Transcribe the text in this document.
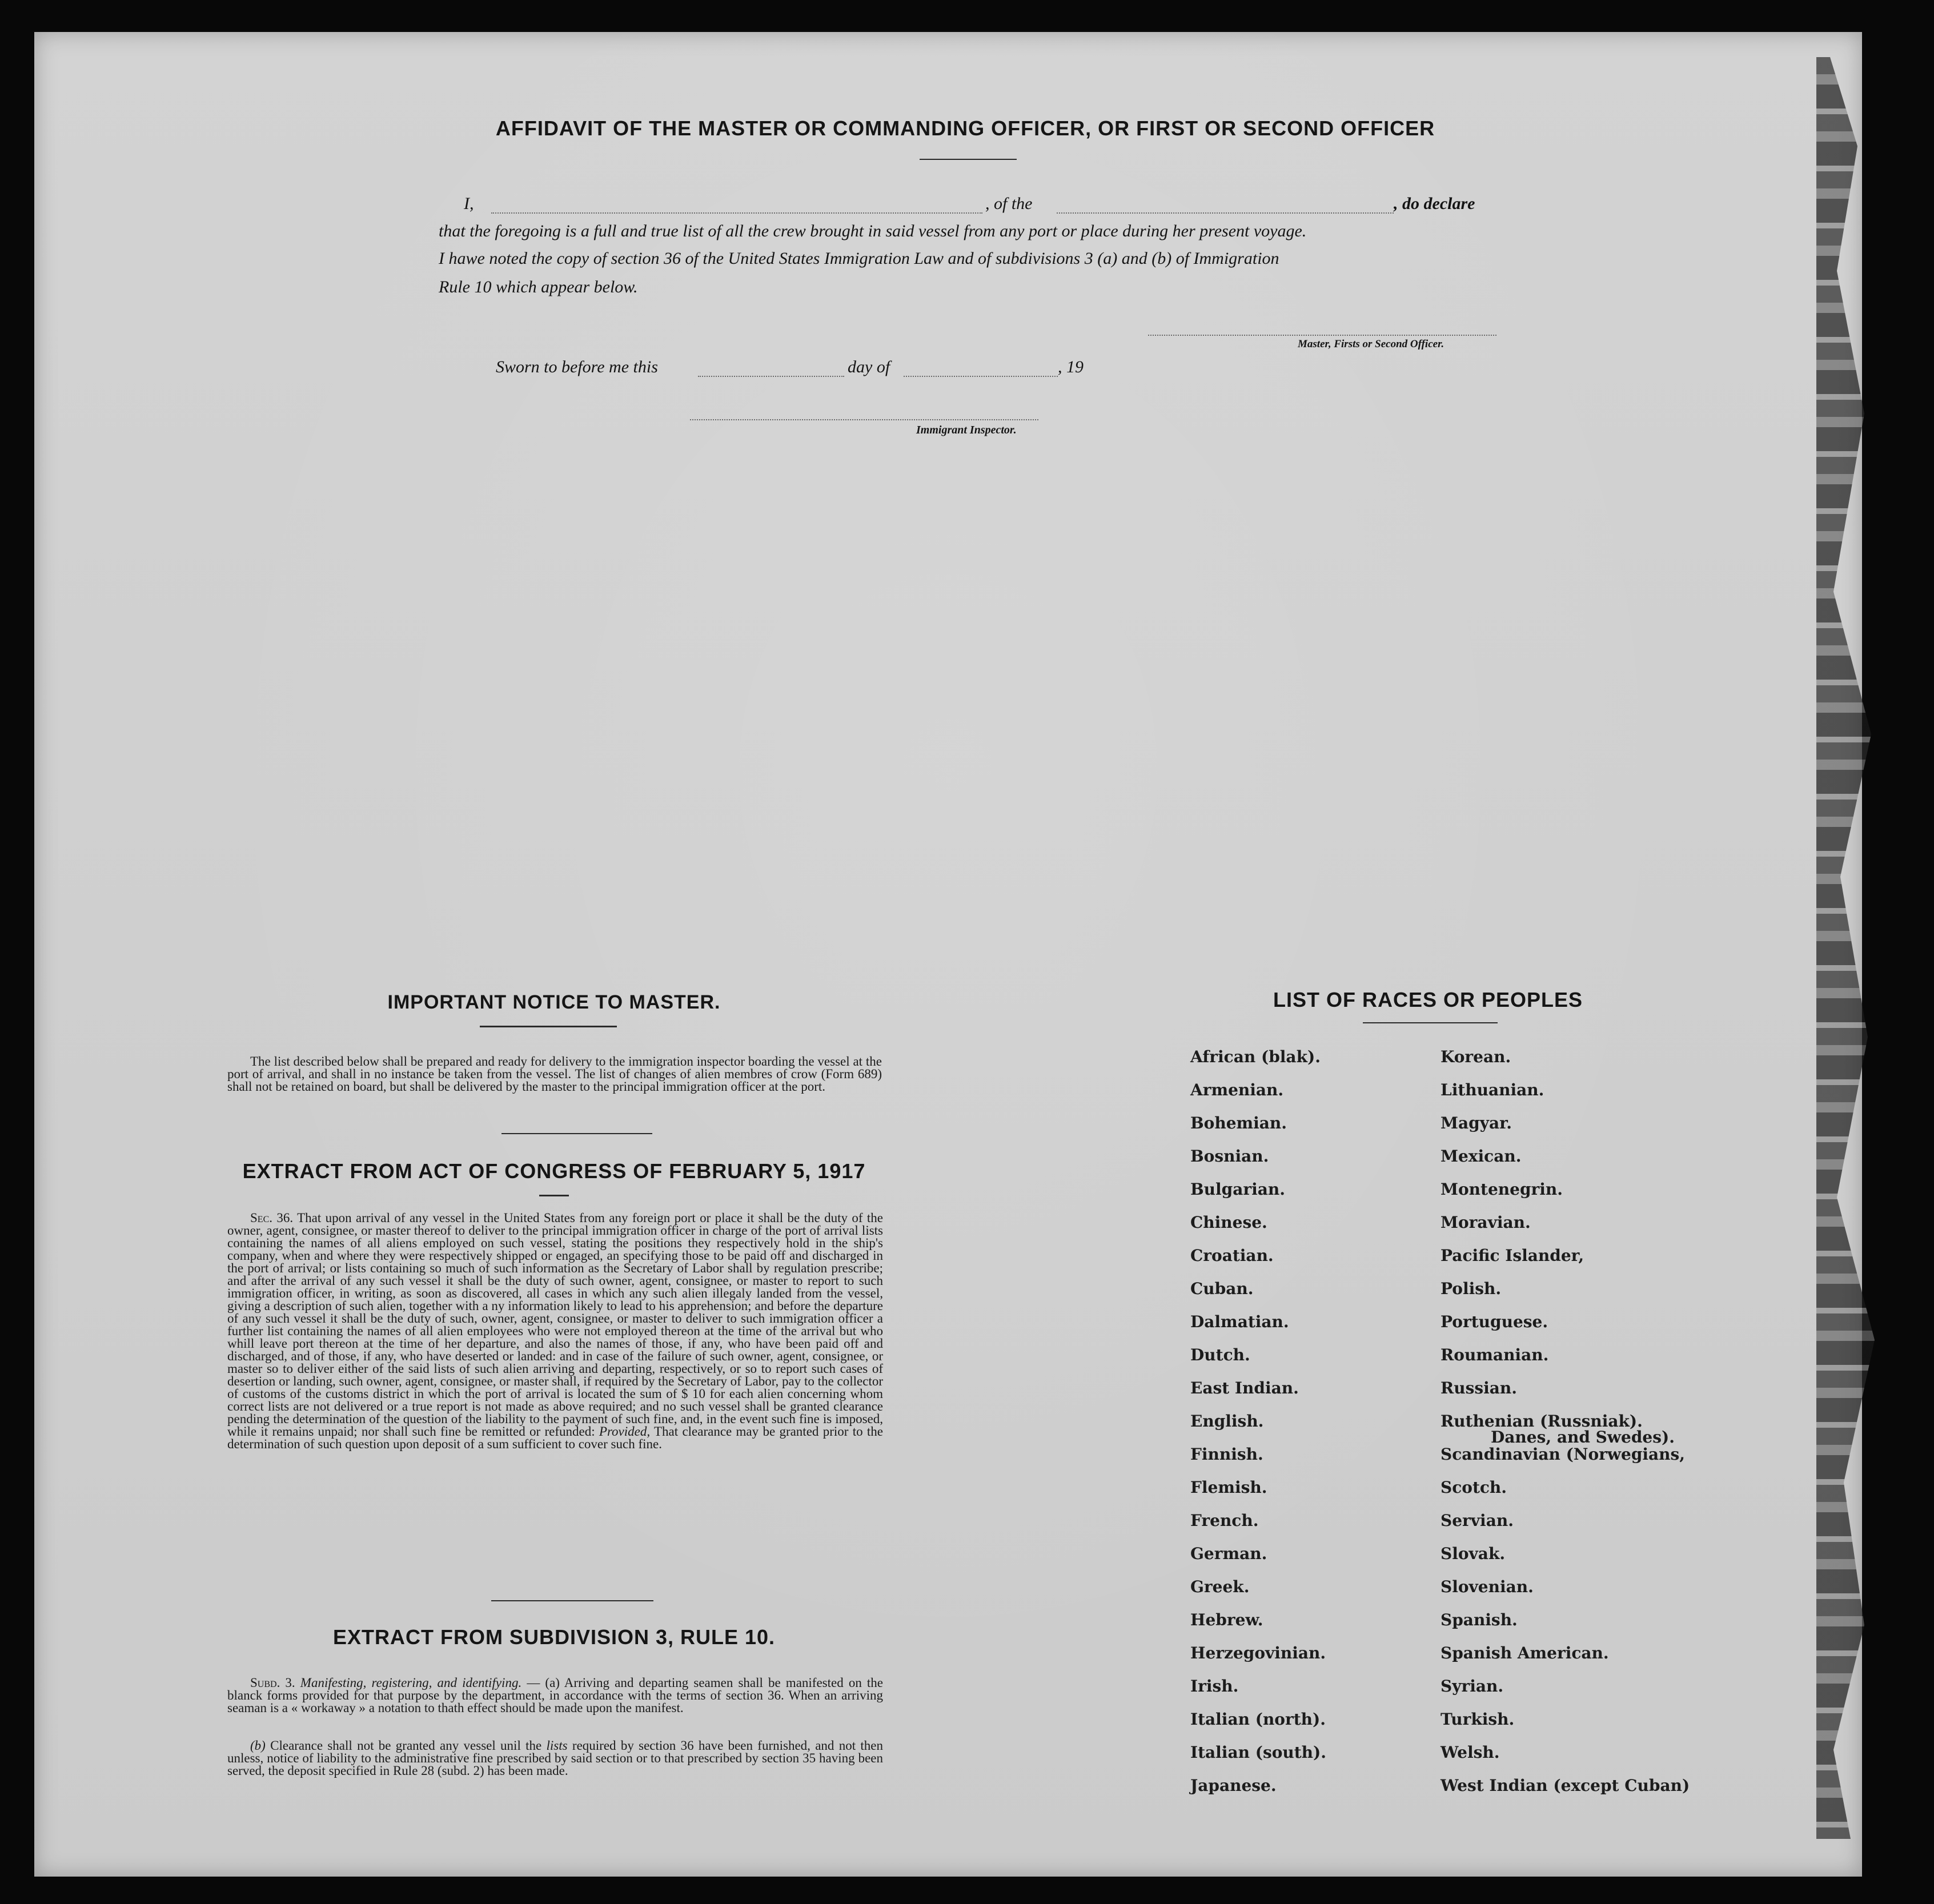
AFFIDAVIT OF THE MASTER OR COMMANDING OFFICER, OR FIRST OR SECOND OFFICER
I,	, of the	, do declare
that the foregoing is a full and true list of all the crew brought in said vessel from any port or place during her present voyage.
I hawe noted the copy of section 36 of the United States Immigration Law and of subdivisions 3 (a) and (b) of Immigration
Rule 10 which appear below.
Master, Firsts or Second Officer.
Sworn to before me this	day of	, 19
Immigrant Inspector.
IMPORTANT NOTICE TO MASTER.
The list described below shall be prepared and ready for delivery to the immigration inspector boarding the vessel at the port of arrival, and shall in no instance be taken from the vessel. The list of changes of alien membres of crow (Form 689) shall not be retained on board, but shall be delivered by the master to the principal immigration officer at the port.
EXTRACT FROM ACT OF CONGRESS OF FEBRUARY 5, 1917
Sec. 36. That upon arrival of any vessel in the United States from any foreign port or place it shall be the duty of the owner, agent, consignee, or master thereof to deliver to the principal immigration officer in charge of the port of arrival lists containing the names of all aliens employed on such vessel, stating the positions they respectively hold in the ship's company, when and where they were respectively shipped or engaged, an specifying those to be paid off and discharged in the port of arrival; or lists containing so much of such information as the Secretary of Labor shall by regulation prescribe; and after the arrival of any such vessel it shall be the duty of such owner, agent, consignee, or master to report to such immigration officer, in writing, as soon as discovered, all cases in which any such alien illegaly landed from the vessel, giving a description of such alien, together with a ny information likely to lead to his apprehension; and before the departure of any such vessel it shall be the duty of such, owner, agent, consignee, or master to deliver to such immigration officer a further list containing the names of all alien employees who were not employed thereon at the time of the arrival but who whill leave port thereon at the time of her departure, and also the names of those, if any, who have been paid off and discharged, and of those, if any, who have deserted or landed: and in case of the failure of such owner, agent, consignee, or master so to deliver either of the said lists of such alien arriving and departing, respectively, or so to report such cases of desertion or landing, such owner, agent, consignee, or master shall, if required by the Secretary of Labor, pay to the collector of customs of the customs district in which the port of arrival is located the sum of $ 10 for each alien concerning whom correct lists are not delivered or a true report is not made as above required; and no such vessel shall be granted clearance pending the determination of the question of the liability to the payment of such fine, and, in the event such fine is imposed, while it remains unpaid; nor shall such fine be remitted or refunded: Provided, That clearance may be granted prior to the determination of such question upon deposit of a sum sufficient to cover such fine.
EXTRACT FROM SUBDIVISION 3, RULE 10.
Subd. 3. Manifesting, registering, and identifying. — (a) Arriving and departing seamen shall be manifested on the blanck forms provided for that purpose by the department, in accordance with the terms of section 36. When an arriving seaman is a « workaway » a notation to thath effect should be made upon the manifest.
(b) Clearance shall not be granted any vessel unil the lists required by section 36 have been furnished, and not then unless, notice of liability to the administrative fine prescribed by said section or to that prescribed by section 35 having been served, the deposit specified in Rule 28 (subd. 2) has been made.
LIST OF RACES OR PEOPLES
African (blak).
Armenian.
Bohemian.
Bosnian.
Bulgarian.
Chinese.
Croatian.
Cuban.
Dalmatian.
Dutch.
East Indian.
English.
Finnish.
Flemish.
French.
German.
Greek.
Hebrew.
Herzegovinian.
Irish.
Italian (north).
Italian (south).
Japanese.
Korean.
Lithuanian.
Magyar.
Mexican.
Montenegrin.
Moravian.
Pacific Islander,
Polish.
Portuguese.
Roumanian.
Russian.
Ruthenian (Russniak).
Scandinavian (Norwegians,
Danes, and Swedes).
Scotch.
Servian.
Slovak.
Slovenian.
Spanish.
Spanish American.
Syrian.
Turkish.
Welsh.
West Indian (except Cuban)
